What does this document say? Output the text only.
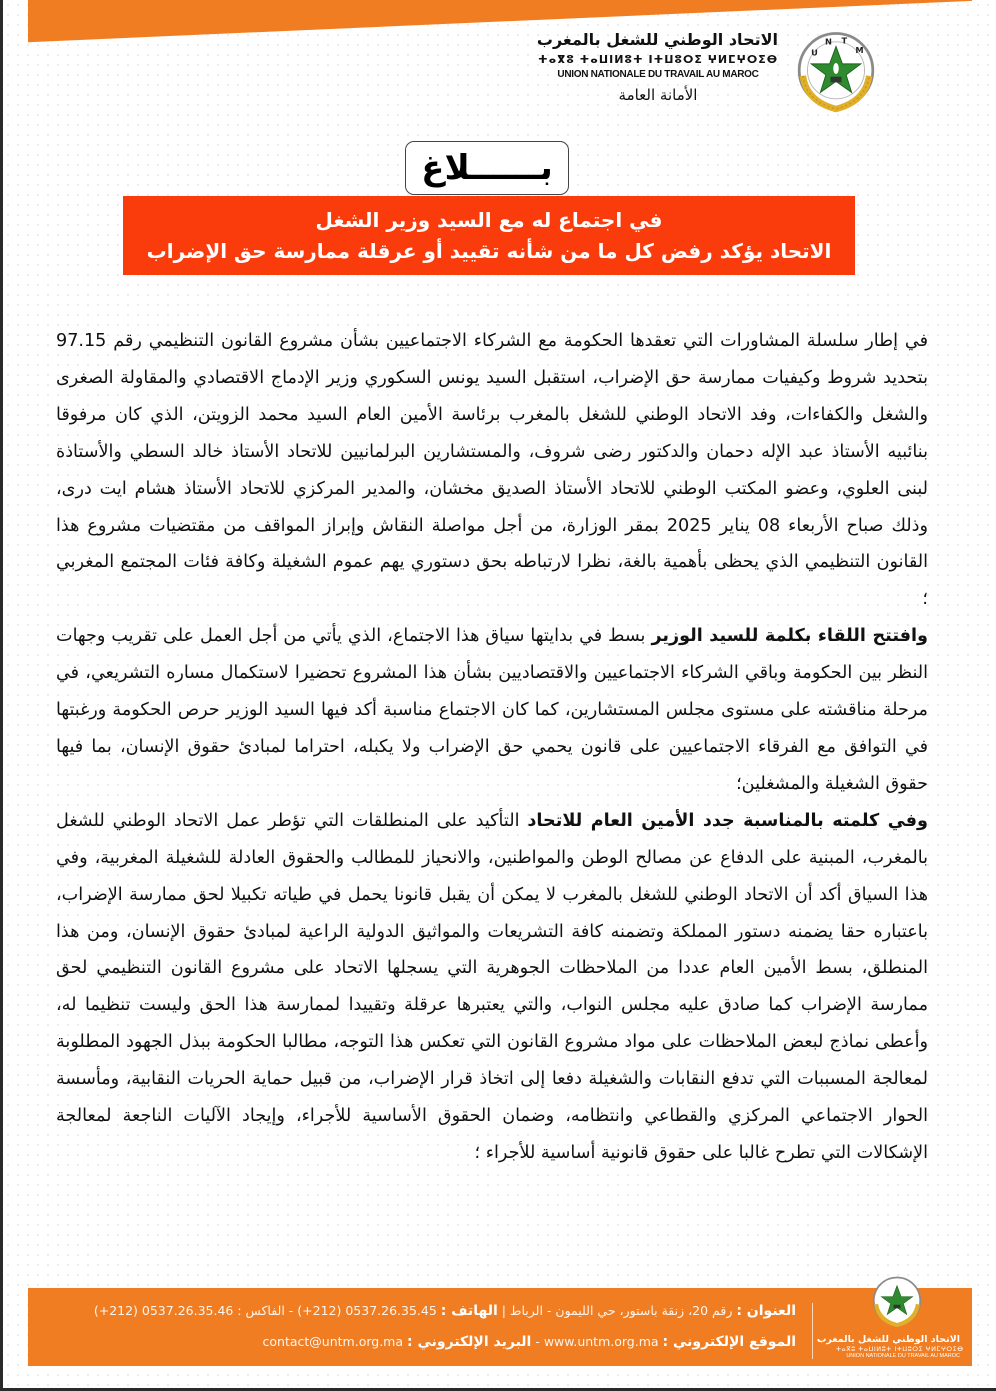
الاتحاد الوطني للشغل بالمغرب
ⵜⴰⴳⵓ ⵜⴰⵡⵏⵍⵓⵜ ⵏⵜⵡⵓⵔⵉ ⵖⵍⵎⵖⵔⵉⴱ
UNION NATIONALE DU TRAVAIL AU MAROC
الأمانة العامة
U
N T
M
بــــــلاغ
في اجتماع له مع السيد وزير الشغل
الاتحاد يؤكد رفض كل ما من شأنه تقييد أو عرقلة ممارسة حق الإضراب

في إطار سلسلة المشاورات التي تعقدها الحكومة مع الشركاء الاجتماعيين بشأن مشروع القانون التنظيمي رقم 97.15 بتحديد شروط وكيفيات ممارسة حق الإضراب، استقبل السيد يونس السكوري وزير الإدماج الاقتصادي والمقاولة الصغرى والشغل والكفاءات، وفد الاتحاد الوطني للشغل بالمغرب برئاسة الأمين العام السيد محمد الزويتن، الذي كان مرفوقا بنائبيه الأستاذ عبد الإله دحمان والدكتور رضى شروف، والمستشارين البرلمانيين للاتحاد الأستاذ خالد السطي والأستاذة لبنى العلوي، وعضو المكتب الوطني للاتحاد الأستاذ الصديق مخشان، والمدير المركزي للاتحاد الأستاذ هشام ايت درى، وذلك صباح الأربعاء 08 يناير 2025 بمقر الوزارة، من أجل مواصلة النقاش وإبراز المواقف من مقتضيات مشروع هذا القانون التنظيمي الذي يحظى بأهمية بالغة، نظرا لارتباطه بحق دستوري يهم عموم الشغيلة وكافة فئات المجتمع المغربي ؛

وافتتح اللقاء بكلمة للسيد الوزير بسط في بدايتها سياق هذا الاجتماع، الذي يأتي من أجل العمل على تقريب وجهات النظر بين الحكومة وباقي الشركاء الاجتماعيين والاقتصاديين بشأن هذا المشروع تحضيرا لاستكمال مساره التشريعي، في مرحلة مناقشته على مستوى مجلس المستشارين، كما كان الاجتماع مناسبة أكد فيها السيد الوزير حرص الحكومة ورغبتها في التوافق مع الفرقاء الاجتماعيين على قانون يحمي حق الإضراب ولا يكبله، احتراما لمبادئ حقوق الإنسان، بما فيها حقوق الشغيلة والمشغلين؛

وفي كلمته بالمناسبة جدد الأمين العام للاتحاد التأكيد على المنطلقات التي تؤطر عمل الاتحاد الوطني للشغل بالمغرب، المبنية على الدفاع عن مصالح الوطن والمواطنين، والانحياز للمطالب والحقوق العادلة للشغيلة المغربية، وفي هذا السياق أكد أن الاتحاد الوطني للشغل بالمغرب لا يمكن أن يقبل قانونا يحمل في طياته تكبيلا لحق ممارسة الإضراب، باعتباره حقا يضمنه دستور المملكة وتضمنه كافة التشريعات والمواثيق الدولية الراعية لمبادئ حقوق الإنسان، ومن هذا المنطلق، بسط الأمين العام عددا من الملاحظات الجوهرية التي يسجلها الاتحاد على مشروع القانون التنظيمي لحق ممارسة الإضراب كما صادق عليه مجلس النواب، والتي يعتبرها عرقلة وتقييدا لممارسة هذا الحق وليست تنظيما له، وأعطى نماذج لبعض الملاحظات على مواد مشروع القانون التي تعكس هذا التوجه، مطالبا الحكومة ببذل الجهود المطلوبة لمعالجة المسببات التي تدفع النقابات والشغيلة دفعا إلى اتخاذ قرار الإضراب، من قبيل حماية الحريات النقابية، ومأسسة الحوار الاجتماعي المركزي والقطاعي وانتظامه، وضمان الحقوق الأساسية للأجراء، وإيجاد الآليات الناجعة لمعالجة الإشكالات التي تطرح غالبا على حقوق قانونية أساسية للأجراء ؛

العنوان : رقم 20، زنقة باستور، حي الليمون - الرباط | الهاتف : 0537.26.35.45 (212+) - الفاكس : 0537.26.35.46 (212+)
الموقع الإلكتروني : www.untm.org.ma - البريد الإلكتروني : contact@untm.org.ma	الاتحاد الوطني للشغل بالمغرب
ⵜⴰⴳⵓ ⵜⴰⵡⵏⵍⵓⵜ ⵏⵜⵡⵓⵔⵉ ⵖⵍⵎⵖⵔⵉⴱ
UNION NATIONALE DU TRAVAIL AU MAROC
